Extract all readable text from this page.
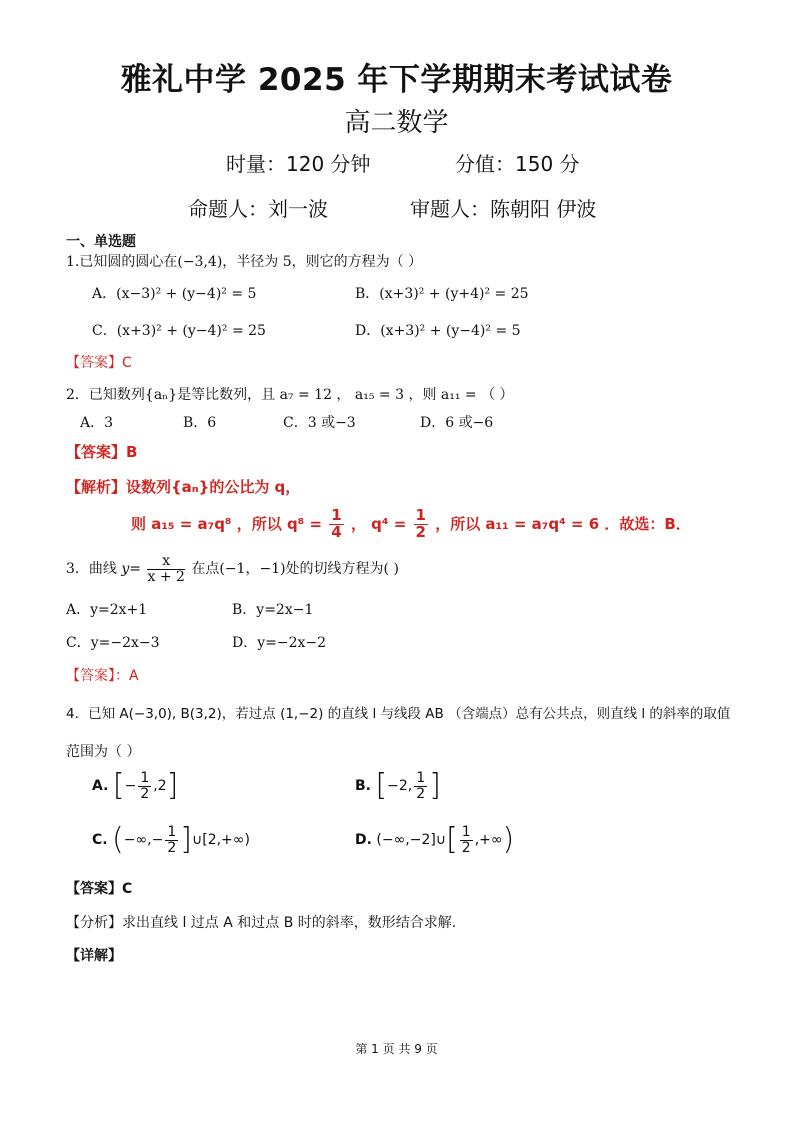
雅礼中学 2025 年下学期期末考试试卷
高二数学
时量：120 分钟	分值：150 分
命题人：刘一波	审题人：陈朝阳 伊波
一、单选题
1.已知圆的圆心在(−3,4)，半径为 5，则它的方程为（ ）
A．(x−3)² + (y−4)² = 5	B．(x+3)² + (y+4)² = 25
C．(x+3)² + (y−4)² = 25	D．(x+3)² + (y−4)² = 5
【答案】C
2．已知数列{aₙ}是等比数列，且 a₇ = 12 ， a₁₅ = 3 ，则 a₁₁ = （ ）
A．3	B．6	C．3 或−3	D．6 或−6
【答案】B
【解析】设数列{aₙ}的公比为 q，
则 a₁₅ = a₇q⁸ ，所以 $q^8 = \frac{1}{4}$ ， $q^4 = \frac{1}{2}$ ，所以 a₁₁ = a₇q⁴ = 6 ．故选：B．
3．曲线 $y= \frac{x}{x + 2}$ 在点(−1，−1)处的切线方程为( )
A．y=2x+1	B．y=2x−1
C．y=−2x−3	D．y=−2x−2
【答案】：A
4．已知 A(−3,0), B(3,2)，若过点 (1,−2) 的直线 l 与线段 AB （含端点）总有公共点，则直线 l 的斜率的取值
范围为（ ）
A. [− $\frac{1}{2} ,2$]	B. [−2, $\frac{1}{2}$ ]
C. (−∞,− $\frac{1}{2}$ ]∪[2,+∞)	D. (−∞,−2]∪[ $\frac{1}{2}$ ,+∞)
【答案】C
【分析】求出直线 l 过点 A 和过点 B 时的斜率，数形结合求解.
【详解】
第 1 页 共 9 页
